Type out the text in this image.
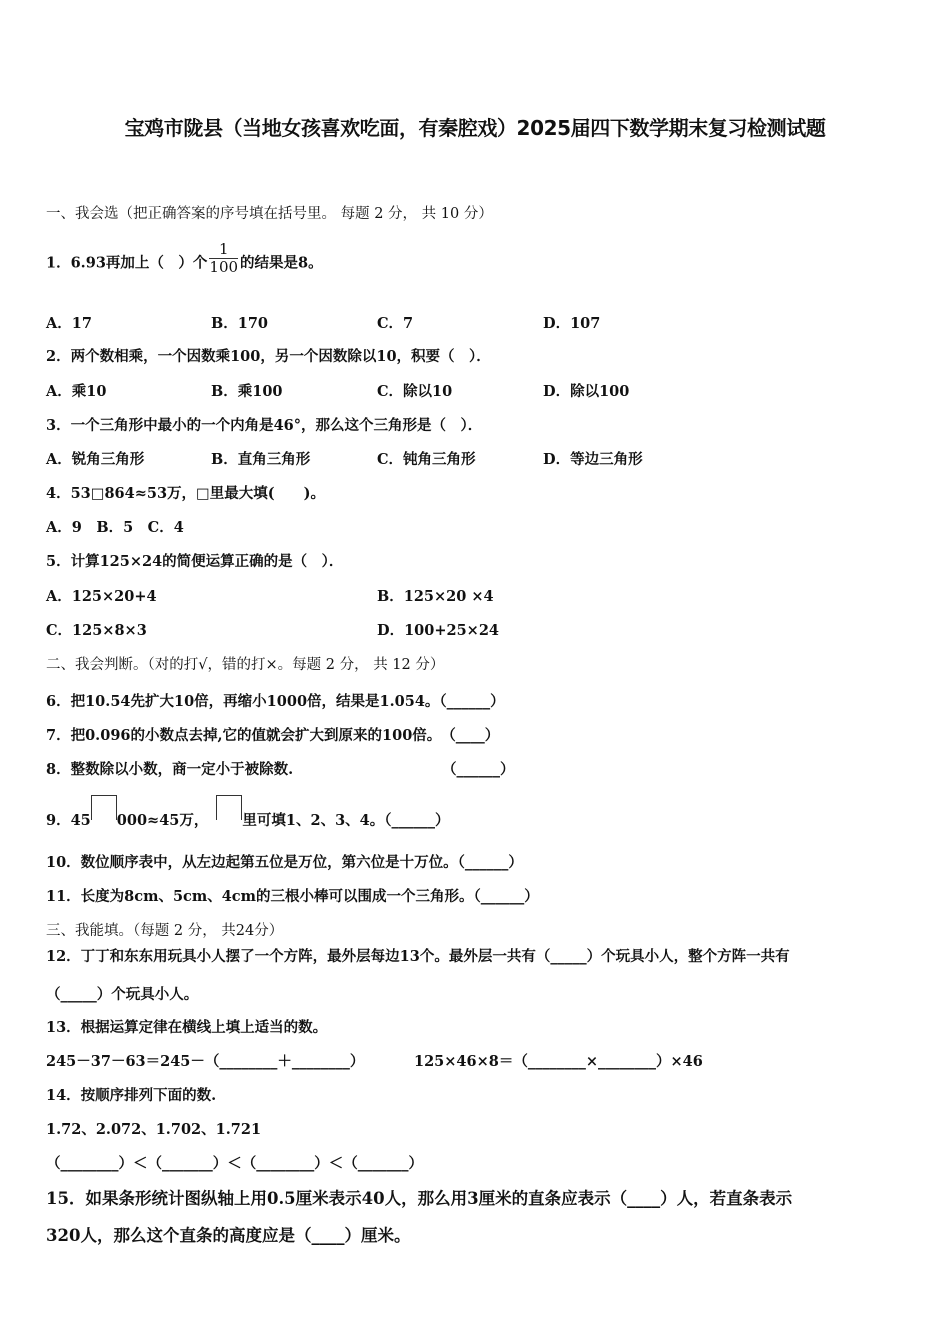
宝鸡市陇县（当地女孩喜欢吃面，有秦腔戏）2025届四下数学期末复习检测试题
一、我会选（把正确答案的序号填在括号里。 每题 2 分， 共 10 分）
1．6.93再加上（　）个 $\frac{1}{100}$ 的结果是8。
A．17	B．170	C．7	D．107
2．两个数相乘，一个因数乘100，另一个因数除以10，积要（　）．
A．乘10	B．乘100	C．除以10	D．除以100
3．一个三角形中最小的一个内角是46°，那么这个三角形是（　）．
A．锐角三角形	B．直角三角形	C．钝角三角形	D．等边三角形
4．53□864≈53万，□里最大填(　　)。
A．9　B．5　C．4
5．计算125×24的简便运算正确的是（　）．
A．125×20+4	B．125×20 ×4
C．125×8×3	D．100+25×24
二、我会判断。（对的打√，错的打×。每题 2 分， 共 12 分）
6．把10.54先扩大10倍，再缩小1000倍，结果是1.054。（______）
7．把0.096的小数点去掉,它的值就会扩大到原来的100倍。　（____）
8．整数除以小数，商一定小于被除数.	（______）
9．45 000≈45万， 里可填1、2、3、4。（______）
10．数位顺序表中，从左边起第五位是万位，第六位是十万位。（______）
11．长度为8cm、5cm、4cm的三根小棒可以围成一个三角形。（______）
三、我能填。（每题 2 分， 共24分）
12．丁丁和东东用玩具小人摆了一个方阵，最外层每边13个。最外层一共有（_____）个玩具小人，整个方阵一共有
（_____）个玩具小人。
13．根据运算定律在横线上填上适当的数。
245－37－63＝245－（________＋________）	125×46×8＝（________×________）×46
14．按顺序排列下面的数.
1.72、2.072、1.702、1.721
（________）＜（_______）＜（________）＜（_______）
15．如果条形统计图纵轴上用0.5厘米表示40人，那么用3厘米的直条应表示（____）人，若直条表示
320人，那么这个直条的高度应是（____）厘米。
